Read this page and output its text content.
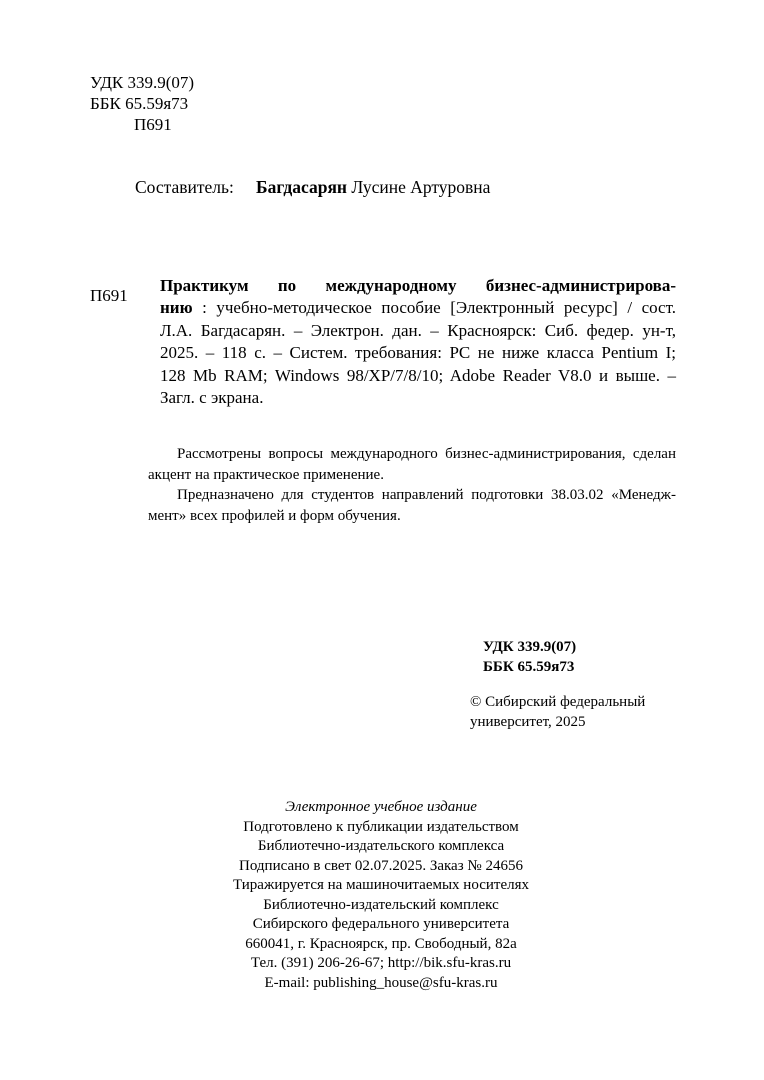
УДК 339.9(07)
ББК 65.59я73
П691
Составитель: Багдасарян Лусине Артуровна
П691
Практикум по международному бизнес-администрирова-
нию : учебно-методическое пособие [Электронный ресурс] / сост.
Л.А. Багдасарян. – Электрон. дан. – Красноярск: Сиб. федер. ун-т,
2025. – 118 с. – Систем. требования: PC не ниже класса Pentium I;
128 Mb RAM; Windows 98/XP/7/8/10; Adobe Reader V8.0 и выше. –
Загл. с экрана.

Рассмотрены вопросы международного бизнес-администрирования, сделан акцент на практическое применение.

Предназначено для студентов направлений подготовки 38.03.02 «Менедж-мент» всех профилей и форм обучения.

УДК 339.9(07)
ББК 65.59я73
© Сибирский федеральный
университет, 2025
Электронное учебное издание
Подготовлено к публикации издательством
Библиотечно-издательского комплекса
Подписано в свет 02.07.2025. Заказ № 24656
Тиражируется на машиночитаемых носителях
Библиотечно-издательский комплекс
Сибирского федерального университета
660041, г. Красноярск, пр. Свободный, 82а
Тел. (391) 206-26-67; http://bik.sfu-kras.ru
E-mail: publishing_house@sfu-kras.ru
